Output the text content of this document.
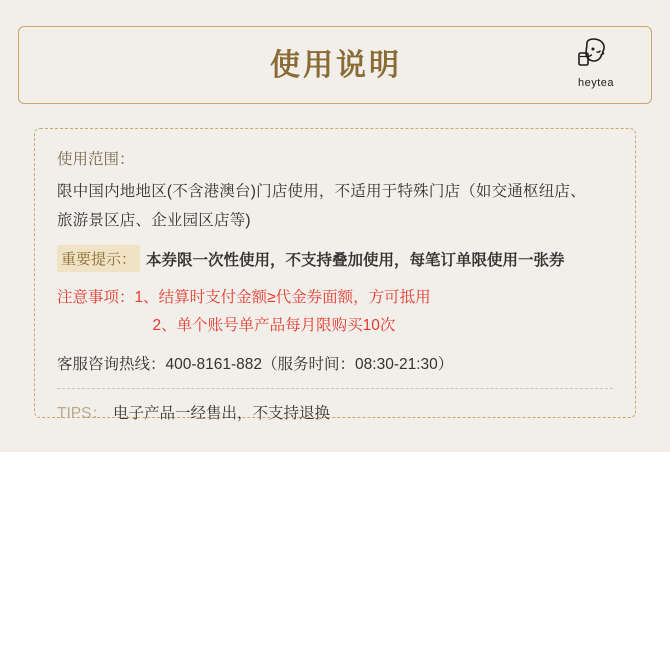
使用说明
heytea
使用范围：
限中国内地地区(不含港澳台)门店使用，不适用于特殊门店（如交通枢纽店、
旅游景区店、企业园区店等)
重要提示： 本券限一次性使用，不支持叠加使用，每笔订单限使用一张券
注意事项： 1、结算时支付金额≥代金券面额，方可抵用
2、单个账号单产品每月限购买10次
客服咨询热线：400-8161-882（服务时间：08:30-21:30）
TIPS： 电子产品一经售出，不支持退换
